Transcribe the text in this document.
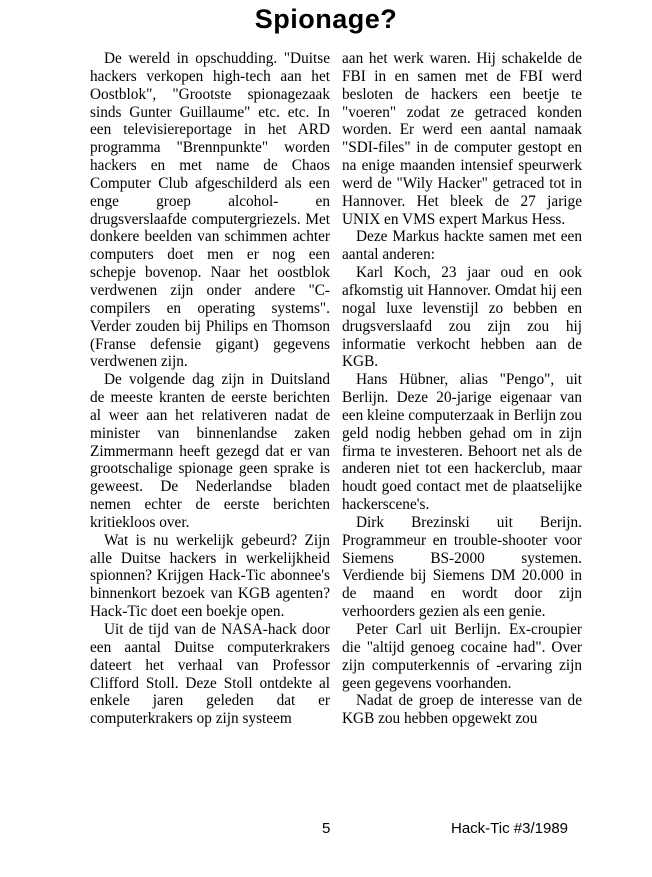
Spionage?

De wereld in opschudding. "Duitse hackers verkopen high-tech aan het Oostblok", "Grootste spionagezaak sinds Gunter Guillaume" etc. etc. In een televisiereportage in het ARD programma "Brennpunkte" worden hackers en met name de Chaos Computer Club afgeschilderd als een enge groep alcohol- en drugsverslaafde computergriezels. Met donkere beelden van schimmen achter computers doet men er nog een schepje bovenop. Naar het oostblok verdwenen zijn onder andere "C-compilers en operating systems". Verder zouden bij Philips en Thomson (Franse defensie gigant) gegevens verdwenen zijn.

De volgende dag zijn in Duitsland de meeste kranten de eerste berichten al weer aan het relativeren nadat de minister van binnenlandse zaken Zimmermann heeft gezegd dat er van grootschalige spionage geen sprake is geweest. De Nederlandse bladen nemen echter de eerste berichten kritiekloos over.

Wat is nu werkelijk gebeurd? Zijn alle Duitse hackers in werkelijkheid spionnen? Krijgen Hack-Tic abonnee's binnenkort bezoek van KGB agenten? Hack-Tic doet een boekje open.

Uit de tijd van de NASA-hack door een aantal Duitse computerkrakers dateert het verhaal van Professor Clifford Stoll. Deze Stoll ontdekte al enkele jaren geleden dat er computerkrakers op zijn systeem

aan het werk waren. Hij schakelde de FBI in en samen met de FBI werd besloten de hackers een beetje te "voeren" zodat ze getraced konden worden. Er werd een aantal namaak "SDI-files" in de computer gestopt en na enige maanden intensief speurwerk werd de "Wily Hacker" getraced tot in Hannover. Het bleek de 27 jarige UNIX en VMS expert Markus Hess.

Deze Markus hackte samen met een aantal anderen:

Karl Koch, 23 jaar oud en ook afkomstig uit Hannover. Omdat hij een nogal luxe levenstijl zo bebben en drugsverslaafd zou zijn zou hij informatie verkocht hebben aan de KGB.

Hans Hübner, alias "Pengo", uit Berlijn. Deze 20-jarige eigenaar van een kleine computerzaak in Berlijn zou geld nodig hebben gehad om in zijn firma te investeren. Behoort net als de anderen niet tot een hackerclub, maar houdt goed contact met de plaatselijke hackerscene's.

Dirk Brezinski uit Berijn. Programmeur en trouble-shooter voor Siemens BS-2000 systemen. Verdiende bij Siemens DM 20.000 in de maand en wordt door zijn verhoorders gezien als een genie.

Peter Carl uit Berlijn. Ex-croupier die "altijd genoeg cocaine had". Over zijn computerkennis of -ervaring zijn geen gegevens voorhanden.

Nadat de groep de interesse van de KGB zou hebben opgewekt zou

5	Hack-Tic #3/1989
